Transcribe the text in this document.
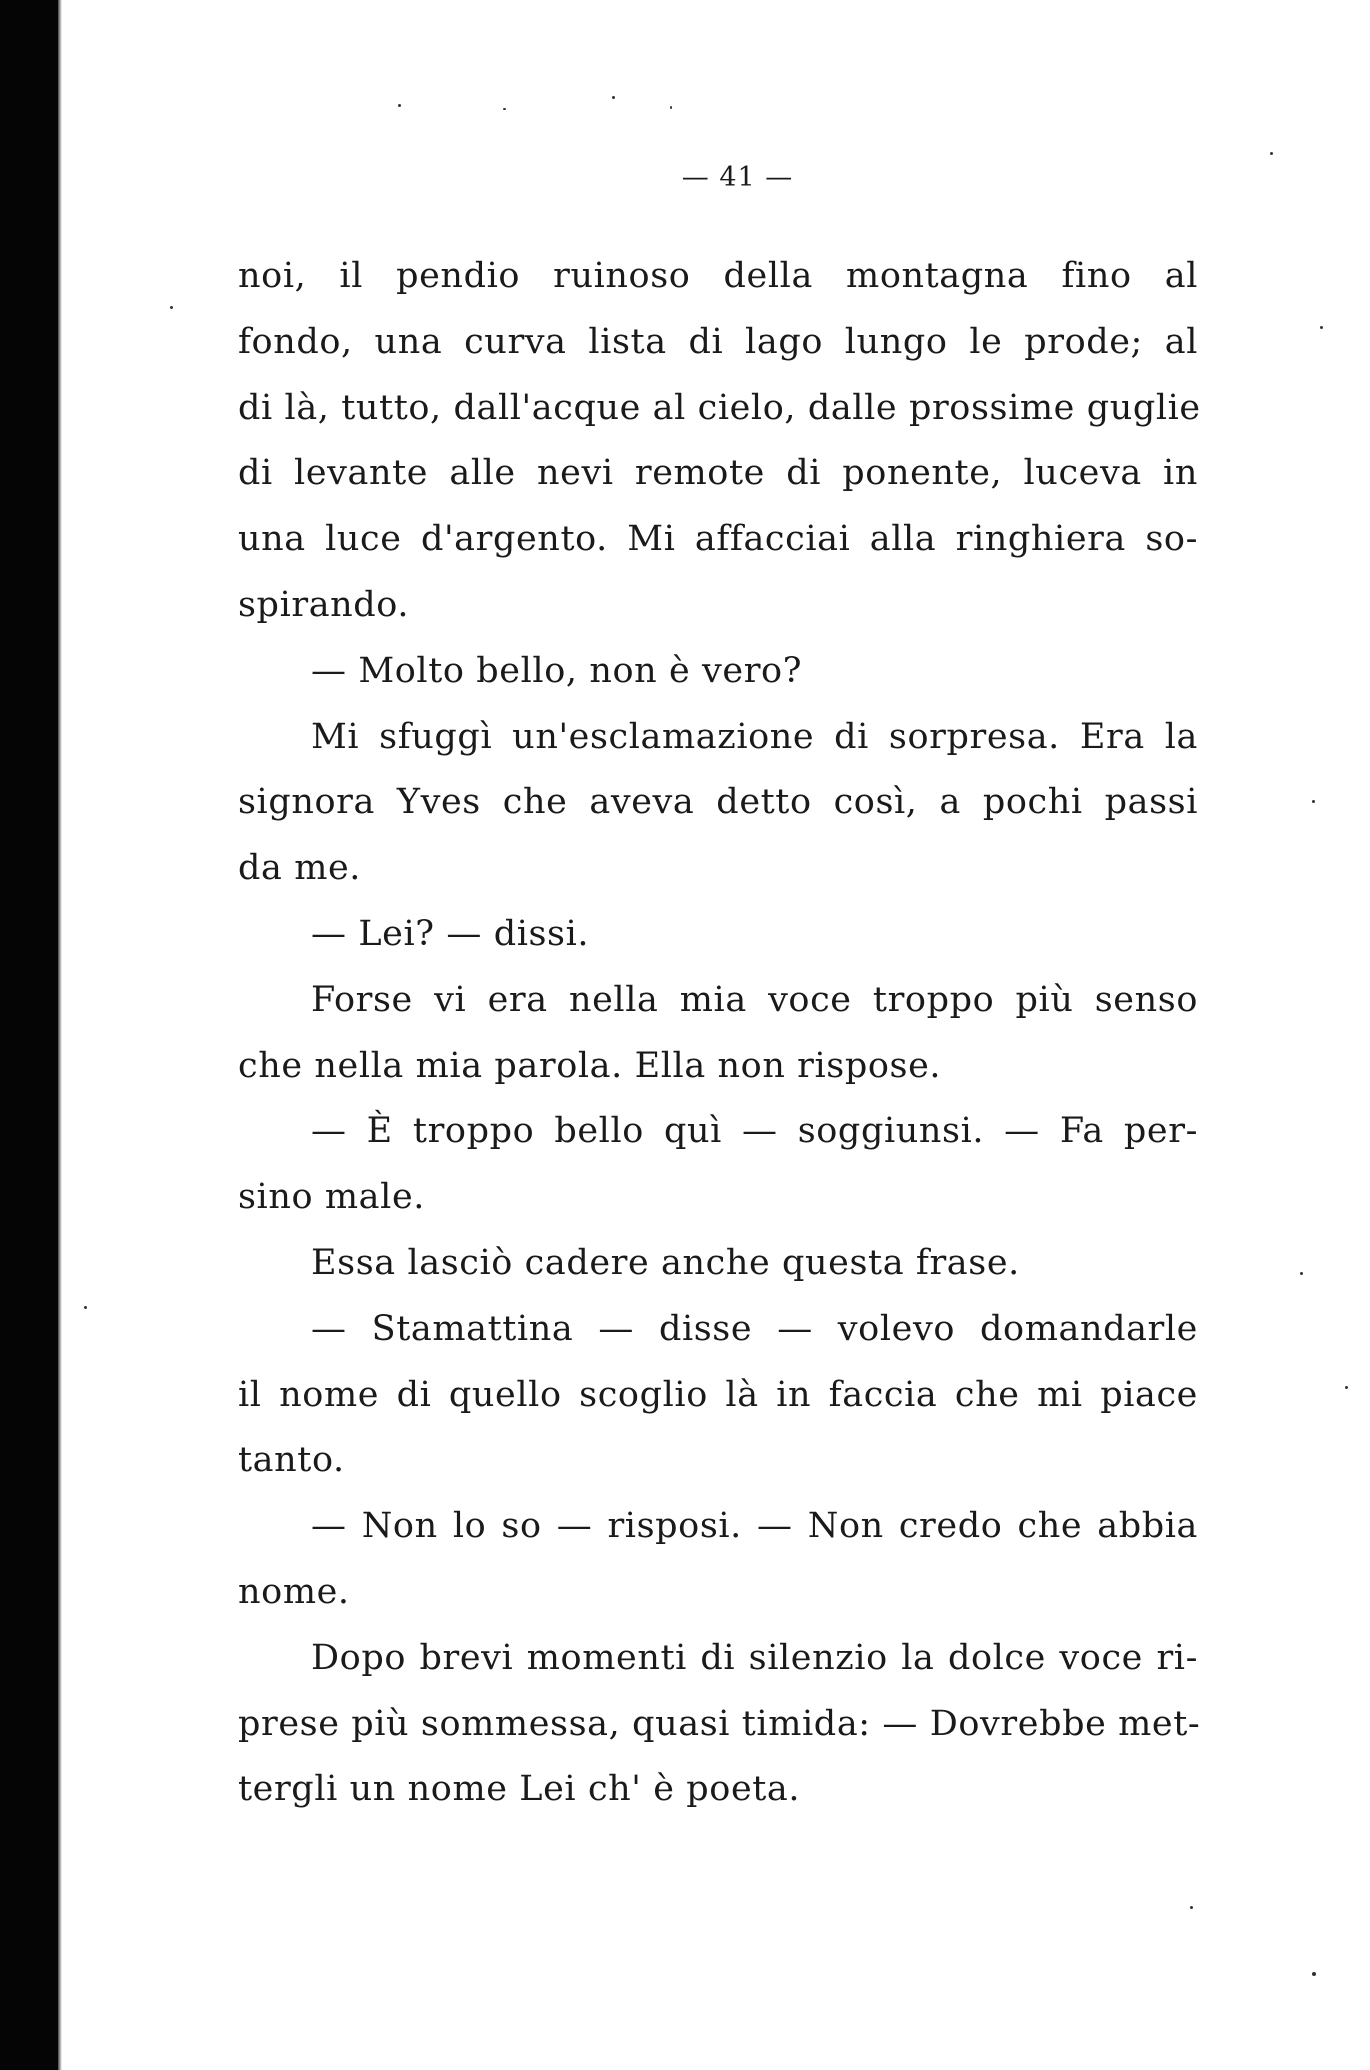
— 41 —
noi, il pendio ruinoso della montagna fino al
fondo, una curva lista di lago lungo le prode; al
di là, tutto, dall'acque al cielo, dalle prossime guglie
di levante alle nevi remote di ponente, luceva in
una luce d'argento. Mi affacciai alla ringhiera so-
spirando.
— Molto bello, non è vero?
Mi sfuggì un'esclamazione di sorpresa. Era la
signora Yves che aveva detto così, a pochi passi
da me.
— Lei? — dissi.
Forse vi era nella mia voce troppo più senso
che nella mia parola. Ella non rispose.
— È troppo bello quì — soggiunsi. — Fa per-
sino male.
Essa lasciò cadere anche questa frase.
— Stamattina — disse — volevo domandarle
il nome di quello scoglio là in faccia che mi piace
tanto.
— Non lo so — risposi. — Non credo che abbia
nome.
Dopo brevi momenti di silenzio la dolce voce ri-
prese più sommessa, quasi timida: — Dovrebbe met-
tergli un nome Lei ch' è poeta.
